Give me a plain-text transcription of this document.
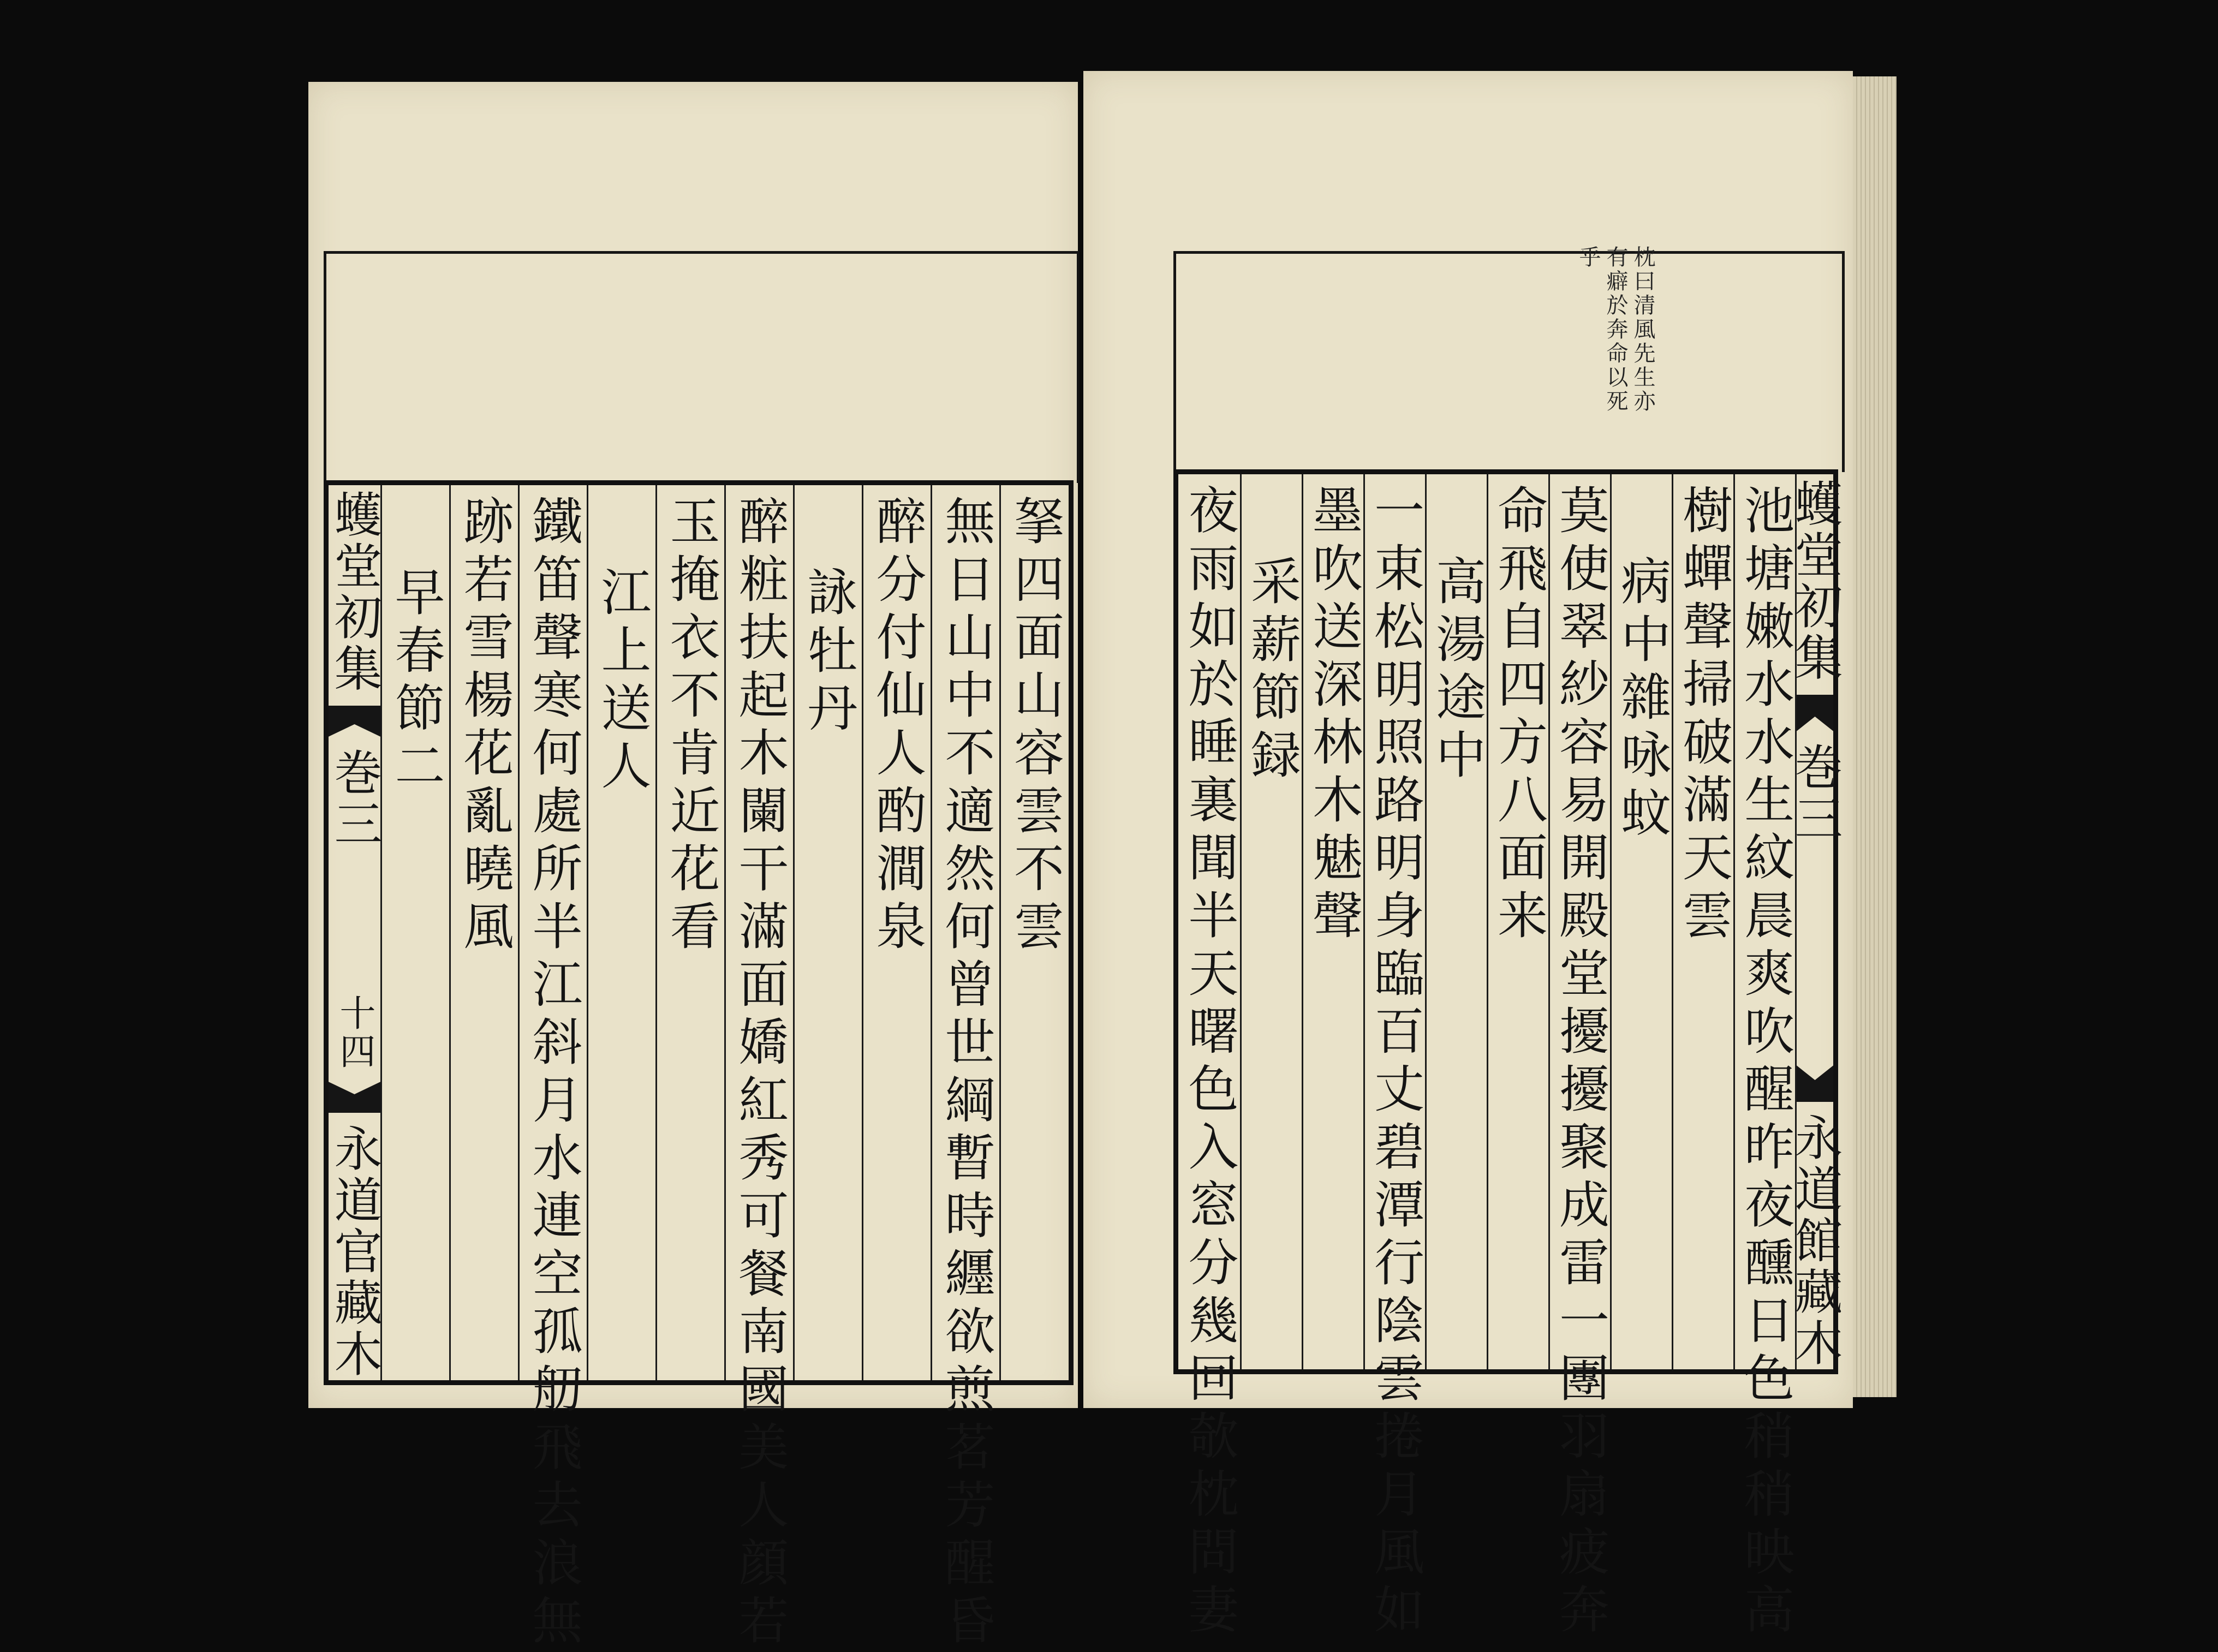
蠖堂初集
巻三
十四
永道官藏木
早春節二 跡若雪楊花亂曉風 鐵笛聲寒何處所半江斜月水連空孤舠飛去浪無 江上送人 玉掩衣不肯近花看 醉粧扶起木闌干滿面嬌紅秀可餐南國美人顔若 詠牡丹 醉分付仙人酌澗泉 無日山中不適然何曾世綱暫時纒欲煎茗芳醒昏 拏四面山容雲不雲
枕曰清風先生亦
有癖於奔命以死
乎
夜雨如於睡裏聞半天曙色入窓分幾回欹枕問妻 采薪節録 墨吹送深林木魅聲 一束松明照路明身臨百丈碧潭行陰雲捲月風如 高湯途中 命飛自四方八面来 莫使翠紗容易開殿堂擾擾聚成雷一團羽扇疲奔 病中雜咏蚊 樹蟬聲掃破滿天雲 池塘嫩水水生紋晨爽吹醒昨夜醺日色稍稍映高
蠖堂初集
巻三
永道館藏木
